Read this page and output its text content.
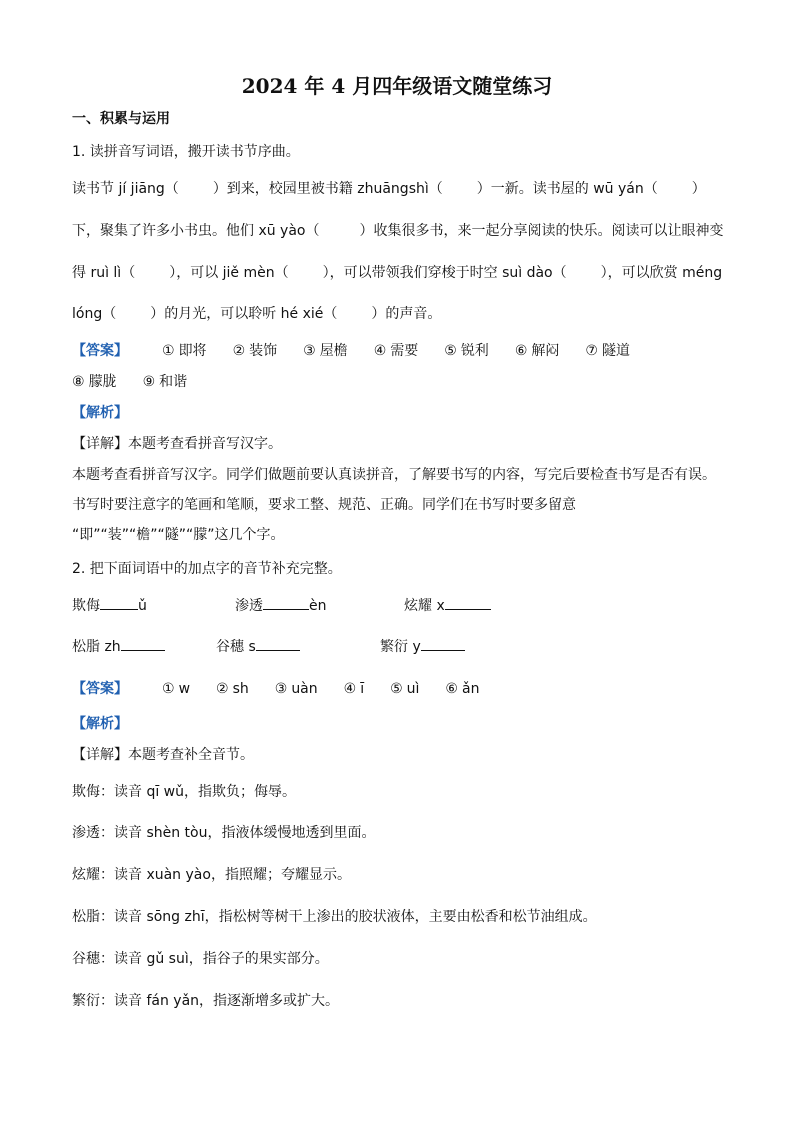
2024 年 4 月四年级语文随堂练习
一、积累与运用
1. 读拼音写词语，搬开读书节序曲。
读书节 jí jiāng（ ）到来，校园里被书籍 zhuāngshì（ ）一新。读书屋的 wū yán（ ）
下，聚集了许多小书虫。他们 xū yào（	）收集很多书，来一起分享阅读的快乐。阅读可以让眼神变
得 ruì lì（ ），可以 jiě mèn（ ），可以带领我们穿梭于时空 suì dào（ ），可以欣赏 méng
lóng（ ）的月光，可以聆听 hé xié（ ）的声音。
【答案】 ① 即将 ② 装饰 ③ 屋檐 ④ 需要 ⑤ 锐利 ⑥ 解闷 ⑦ 隧道
⑧ 朦胧 ⑨ 和谐
【解析】
【详解】本题考查看拼音写汉字。
本题考查看拼音写汉字。同学们做题前要认真读拼音，了解要书写的内容，写完后要检查书写是否有误。
书写时要注意字的笔画和笔顺，要求工整、规范、正确。同学们在书写时要多留意
“即”“装”“檐”“隧”“朦”这几个字。
2. 把下面词语中的加点字的音节补充完整。
欺侮	ǔ	渗透	èn	炫耀 x
松脂 zh	谷穗 s	繁衍 y
【答案】 ① w ② sh ③ uàn ④ ī ⑤ uì ⑥ ǎn
【解析】
【详解】本题考查补全音节。
欺侮：读音 qī wǔ，指欺负；侮辱。
渗透：读音 shèn tòu，指液体缓慢地透到里面。
炫耀：读音 xuàn yào，指照耀；夸耀显示。
松脂：读音 sōng zhī，指松树等树干上渗出的胶状液体，主要由松香和松节油组成。
谷穗：读音 gǔ suì，指谷子的果实部分。
繁衍：读音 fán yǎn，指逐渐增多或扩大。
